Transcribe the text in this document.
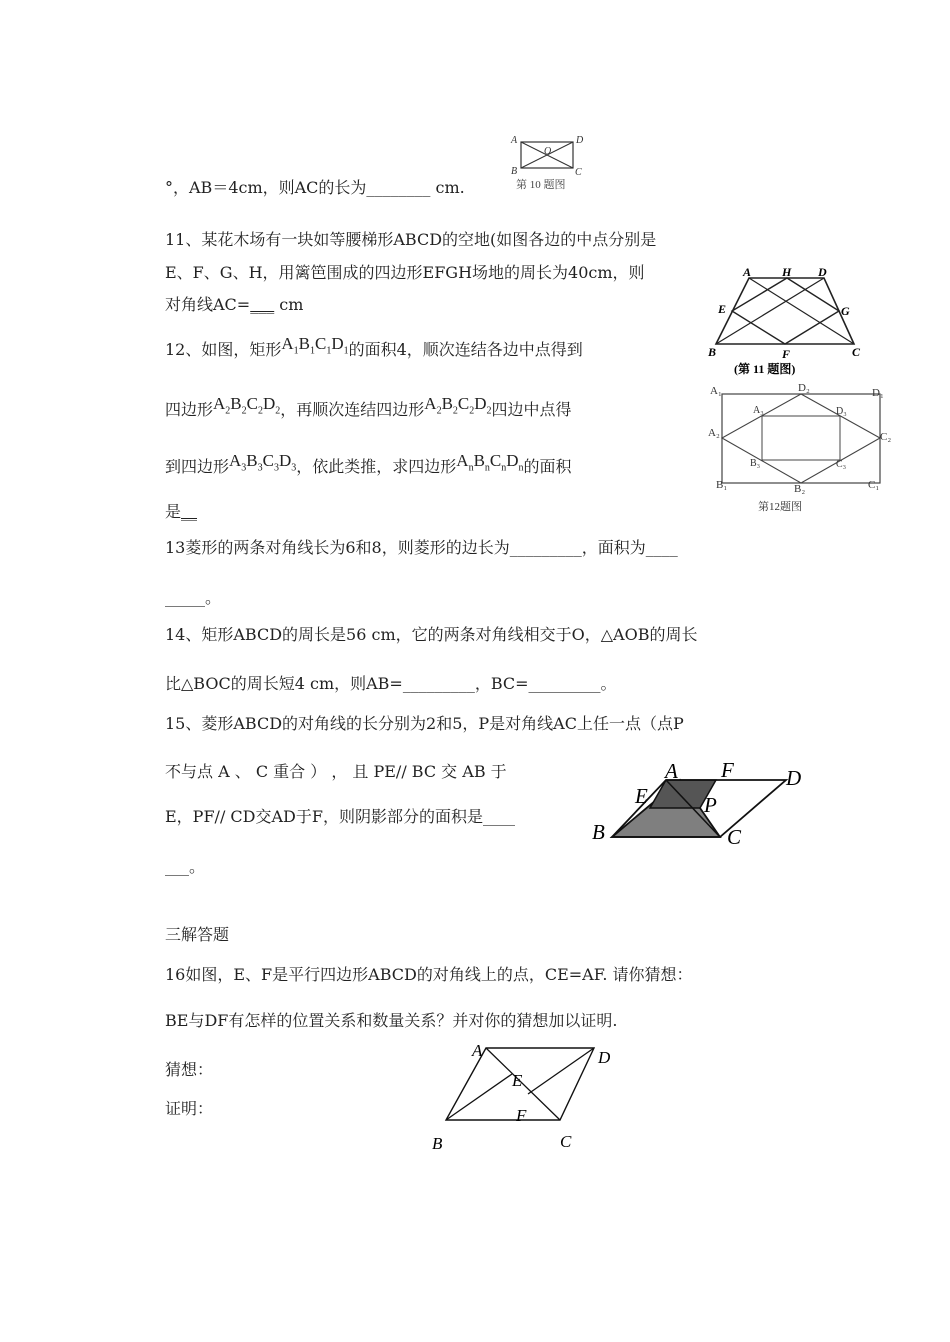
°，AB＝4cm，则AC的长为________ cm.
A	D
B	C
O
第 10 题图
11、某花木场有一块如等腰梯形ABCD的空地(如图各边的中点分别是
E、F、G、H，用篱笆围成的四边形EFGH场地的周长为40cm，则
对角线AC=___ cm
A	H D
E	G
B	F	C
(第 11 题图)
12、如图，矩形$A_1B_1C_1D_1$的面积4，顺次连结各边中点得到
四边形$A_2B_2C_2D_2$，再顺次连结四边形$A_2B_2C_2D_2$四边中点得
到四边形$A_3B_3C_3D_3$，依此类推，求四边形$A_nB_nC_nD_n$的面积
是__
A₁	D₂	D₁
A₃	D₃
A₂	C₂
B₃	C₃
B₁	B₂	C₁
第12题图
13菱形的两条对角线长为6和8，则菱形的边长为_________，面积为____
_____。
14、矩形ABCD的周长是56 cm，它的两条对角线相交于O，△AOB的周长
比△BOC的周长短4 cm，则AB=_________，BC=_________。
15、菱形ABCD的对角线的长分别为2和5，P是对角线AC上任一点（点P
不与点 A 、 C 重合 ） ， 且 PE// BC 交 AB 于
E，PF// CD交AD于F，则阴影部分的面积是____
___。
A F D
E	P
B	C
三解答题
16如图，E、F是平行四边形ABCD的对角线上的点，CE=AF. 请你猜想：
BE与DF有怎样的位置关系和数量关系？并对你的猜想加以证明.
猜想：
证明：
A	D
E
F
B	C
